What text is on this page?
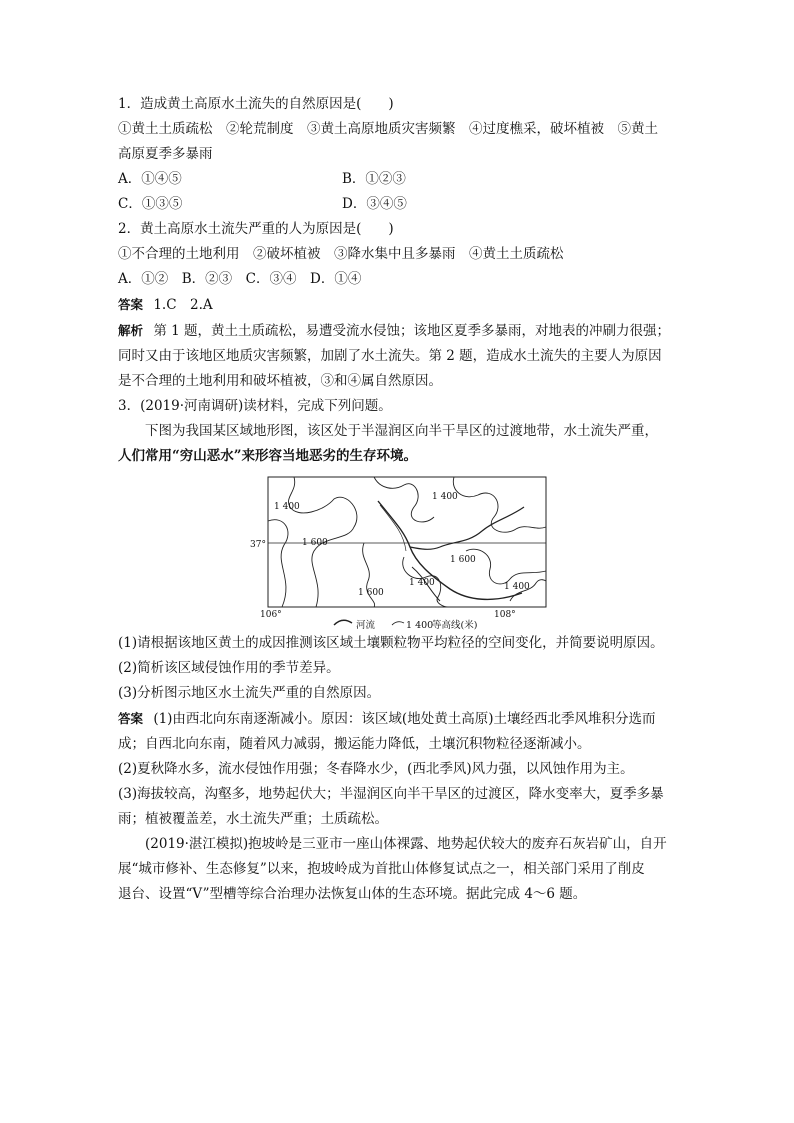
1．造成黄土高原水土流失的自然原因是(　　)
①黄土土质疏松　②轮荒制度　③黄土高原地质灾害频繁　④过度樵采，破坏植被　⑤黄土
高原夏季多暴雨
A．①④⑤	B．①②③
C．①③⑤	D．③④⑤
2．黄土高原水土流失严重的人为原因是(　　)
①不合理的土地利用　②破坏植被　③降水集中且多暴雨　④黄土土质疏松
A．①②　B．②③　C．③④　D．①④
答案 1.C　2.A
解析 第 1 题，黄土土质疏松，易遭受流水侵蚀；该地区夏季多暴雨，对地表的冲刷力很强；
同时又由于该地区地质灾害频繁，加剧了水土流失。第 2 题，造成水土流失的主要人为原因
是不合理的土地利用和破坏植被，③和④属自然原因。
3．(2019·河南调研)读材料，完成下列问题。
下图为我国某区域地形图，该区处于半湿润区向半干旱区的过渡地带，水土流失严重，
人们常用“穷山恶水”来形容当地恶劣的生存环境。
1 400
1 400
1 600
1 600
1 400
1 600
1 400
37°
106°	108°
河流	1 400
等高线(米)
(1)请根据该地区黄土的成因推测该区域土壤颗粒物平均粒径的空间变化，并简要说明原因。
(2)简析该区域侵蚀作用的季节差异。
(3)分析图示地区水土流失严重的自然原因。
答案 (1)由西北向东南逐渐减小。原因：该区域(地处黄土高原)土壤经西北季风堆积分选而
成；自西北向东南，随着风力减弱，搬运能力降低，土壤沉积物粒径逐渐减小。
(2)夏秋降水多，流水侵蚀作用强；冬春降水少，(西北季风)风力强，以风蚀作用为主。
(3)海拔较高，沟壑多，地势起伏大；半湿润区向半干旱区的过渡区，降水变率大，夏季多暴
雨；植被覆盖差，水土流失严重；土质疏松。
(2019·湛江模拟)抱坡岭是三亚市一座山体裸露、地势起伏较大的废弃石灰岩矿山，自开
展“城市修补、生态修复”以来，抱坡岭成为首批山体修复试点之一，相关部门采用了削皮
退台、设置“V”型槽等综合治理办法恢复山体的生态环境。据此完成 4～6 题。
